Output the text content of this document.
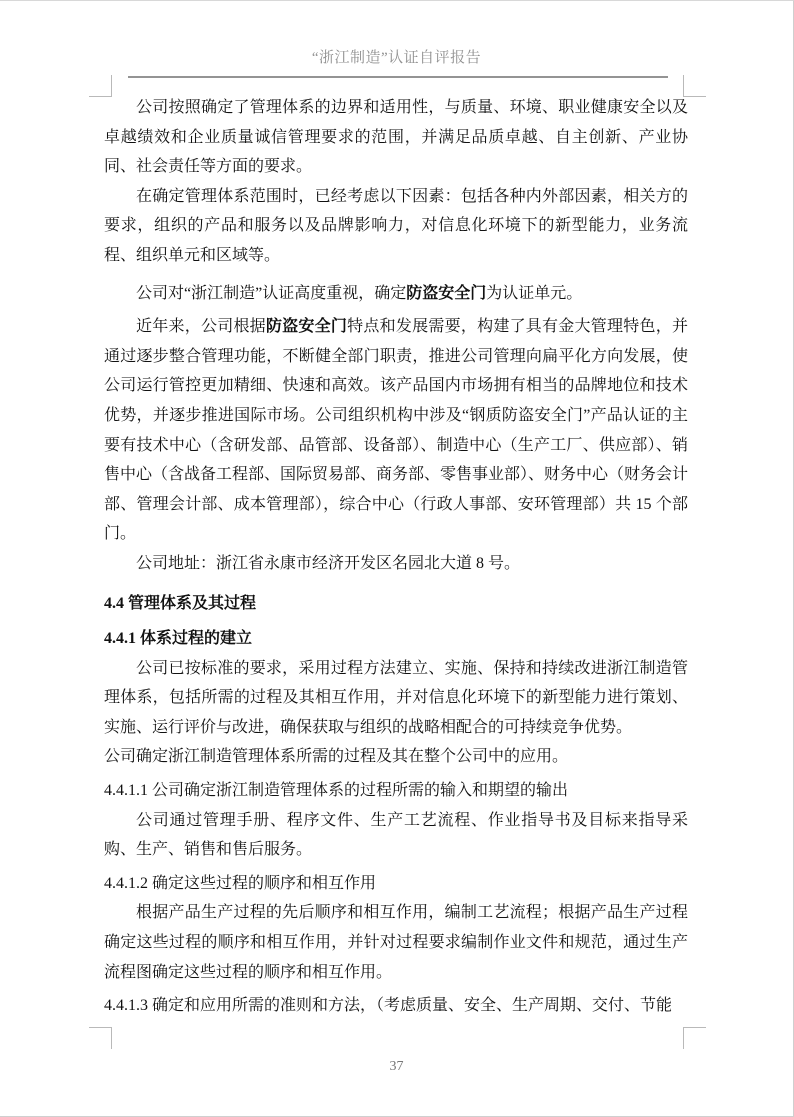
“浙江制造”认证自评报告

公司按照确定了管理体系的边界和适用性，与质量、环境、职业健康安全以及卓越绩效和企业质量诚信管理要求的范围，并满足品质卓越、自主创新、产业协同、社会责任等方面的要求。

在确定管理体系范围时，已经考虑以下因素：包括各种内外部因素，相关方的要求，组织的产品和服务以及品牌影响力，对信息化环境下的新型能力，业务流程、组织单元和区域等。

公司对“浙江制造”认证高度重视，确定防盗安全门为认证单元。

近年来，公司根据防盗安全门特点和发展需要，构建了具有金大管理特色，并通过逐步整合管理功能，不断健全部门职责，推进公司管理向扁平化方向发展，使公司运行管控更加精细、快速和高效。该产品国内市场拥有相当的品牌地位和技术优势，并逐步推进国际市场。公司组织机构中涉及“钢质防盗安全门”产品认证的主要有技术中心（含研发部、品管部、设备部）、制造中心（生产工厂、供应部）、销售中心（含战备工程部、国际贸易部、商务部、零售事业部）、财务中心（财务会计部、管理会计部、成本管理部），综合中心（行政人事部、安环管理部）共 15 个部门。

公司地址：浙江省永康市经济开发区名园北大道 8 号。

4.4 管理体系及其过程
4.4.1 体系过程的建立

公司已按标准的要求，采用过程方法建立、实施、保持和持续改进浙江制造管理体系，包括所需的过程及其相互作用，并对信息化环境下的新型能力进行策划、实施、运行评价与改进，确保获取与组织的战略相配合的可持续竞争优势。

公司确定浙江制造管理体系所需的过程及其在整个公司中的应用。

4.4.1.1 公司确定浙江制造管理体系的过程所需的输入和期望的输出

公司通过管理手册、程序文件、生产工艺流程、作业指导书及目标来指导采购、生产、销售和售后服务。

4.4.1.2 确定这些过程的顺序和相互作用

根据产品生产过程的先后顺序和相互作用，编制工艺流程；根据产品生产过程确定这些过程的顺序和相互作用，并针对过程要求编制作业文件和规范，通过生产流程图确定这些过程的顺序和相互作用。

4.4.1.3 确定和应用所需的准则和方法，（考虑质量、安全、生产周期、交付、节能
37
